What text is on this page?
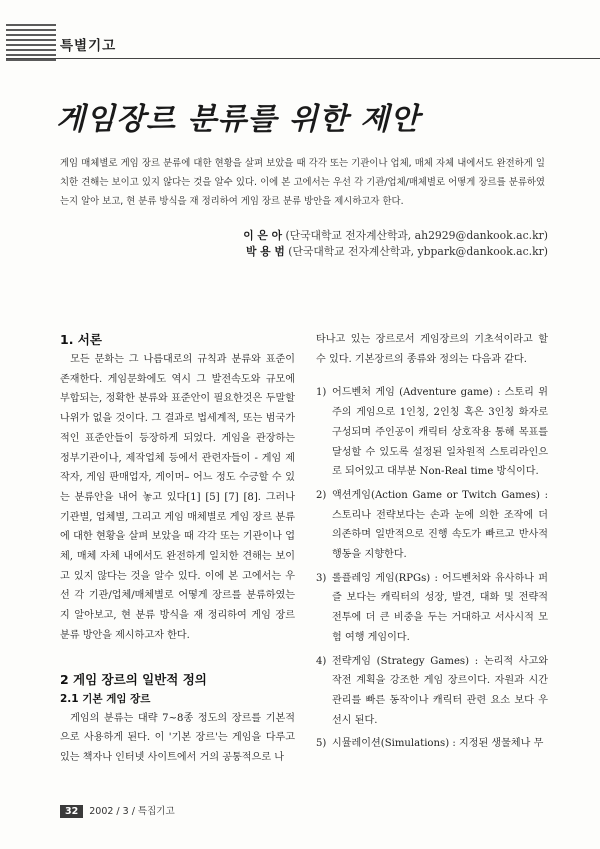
특별기고
게임장르 분류를 위한 제안
게임 매체별로 게임 장르 분류에 대한 현황을 살펴 보았을 때 각각 또는 기관이나 업체, 매체 자체 내에서도 완전하게 일치한 견해는 보이고 있지 않다는 것을 알수 있다. 이에 본 고에서는 우선 각 기관/업체/매체별로 어떻게 장르를 분류하였는지 알아 보고, 현 분류 방식을 재 정리하여 게임 장르 분류 방안을 제시하고자 한다.
이 은 아 (단국대학교 전자계산학과, ah2929@dankook.ac.kr)
박 용 범 (단국대학교 전자계산학과, ybpark@dankook.ac.kr)
1. 서론

모든 문화는 그 나름대로의 규칙과 분류와 표준이 존재한다. 게임문화에도 역시 그 발전속도와 규모에 부합되는, 정확한 분류와 표준안이 필요한것은 두말할 나위가 없을 것이다. 그 결과로 법세계적, 또는 범국가적인 표준안들이 등장하게 되었다. 게임을 관장하는 정부기관이나, 제작업체 등에서 관련자들이 - 게임 제작자, 게임 판매업자, 게이머– 어느 정도 수긍할 수 있는 분류안을 내어 놓고 있다[1] [5] [7] [8]. 그러나 기관별, 업체별, 그리고 게임 매체별로 게임 장르 분류에 대한 현황을 살펴 보았을 때 각각 또는 기관이나 업체, 매체 자체 내에서도 완전하게 일치한 견해는 보이고 있지 않다는 것을 알수 있다. 이에 본 고에서는 우선 각 기관/업체/매체별로 어떻게 장르를 분류하였는지 알아보고, 현 분류 방식을 재 정리하여 게임 장르 분류 방안을 제시하고자 한다.

2 게임 장르의 일반적 정의
2.1 기본 게임 장르

게임의 분류는 대략 7~8종 정도의 장르를 기본적으로 사용하게 된다. 이 '기본 장르'는 게임을 다루고 있는 책자나 인터넷 사이트에서 거의 공통적으로 나

타나고 있는 장르로서 게임장르의 기초석이라고 할 수 있다. 기본장르의 종류와 정의는 다음과 같다.

1) 어드벤처 게임 (Adventure game) : 스토리 위주의 게임으로 1인칭, 2인칭 혹은 3인칭 화자로 구성되며 주인공이 캐릭터 상호작용 통해 목표를 달성할 수 있도록 설정된 일차원적 스토리라인으로 되어있고 대부분 Non-Real time 방식이다.
2) 액션게임(Action Game or Twitch Games) : 스토리나 전략보다는 손과 눈에 의한 조작에 더 의존하며 일반적으로 진행 속도가 빠르고 반사적 행동을 지향한다.
3) 롤플레잉 게임(RPGs) : 어드벤처와 유사하나 퍼즐 보다는 캐릭터의 성장, 발견, 대화 및 전략적 전투에 더 큰 비중을 두는 거대하고 서사시적 모험 여행 게임이다.
4) 전략게임 (Strategy Games) : 논리적 사고와 작전 계획을 강조한 게임 장르이다. 자원과 시간 관리를 빠른 동작이나 캐릭터 관련 요소 보다 우선시 된다.
5) 시뮬레이션(Simulations) : 지정된 생물체나 무
32 2002 / 3 / 특집기고
